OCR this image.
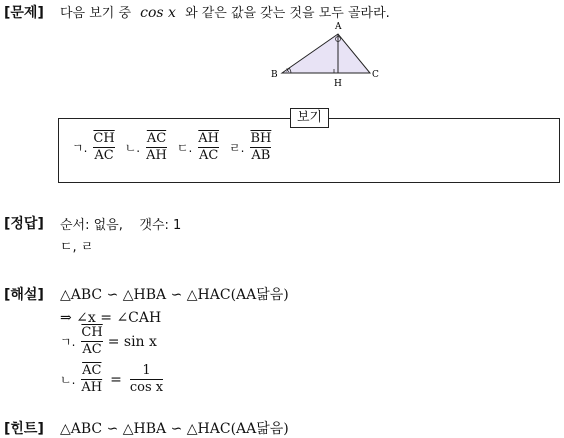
[문제] 다음 보기 중 cos x 와 같은 값을 갖는 것을 모두 골라라.
A
B	C
H
x
보기
ㄱ. $\frac{\overline{CH}}{AC}$ ㄴ. $\frac{\overline{AC}}{AH}$ ㄷ. $\frac{\overline{AH}}{AC}$ ㄹ. $\frac{\overline{BH}}{AB}$
[정답] 순서: 없음,    갯수: 1
ㄷ, ㄹ
[해설] △ABC ∽ △HBA ∽ △HAC(AA닮음)
⇒ ∠x = ∠CAH
ㄱ. $\frac{\overline{CH}}{AC} = \sin x$
ㄴ. $\frac{\overline{AC}}{AH} = \frac{1}{\text{cos x}}$
[힌트] △ABC ∽ △HBA ∽ △HAC(AA닮음)
